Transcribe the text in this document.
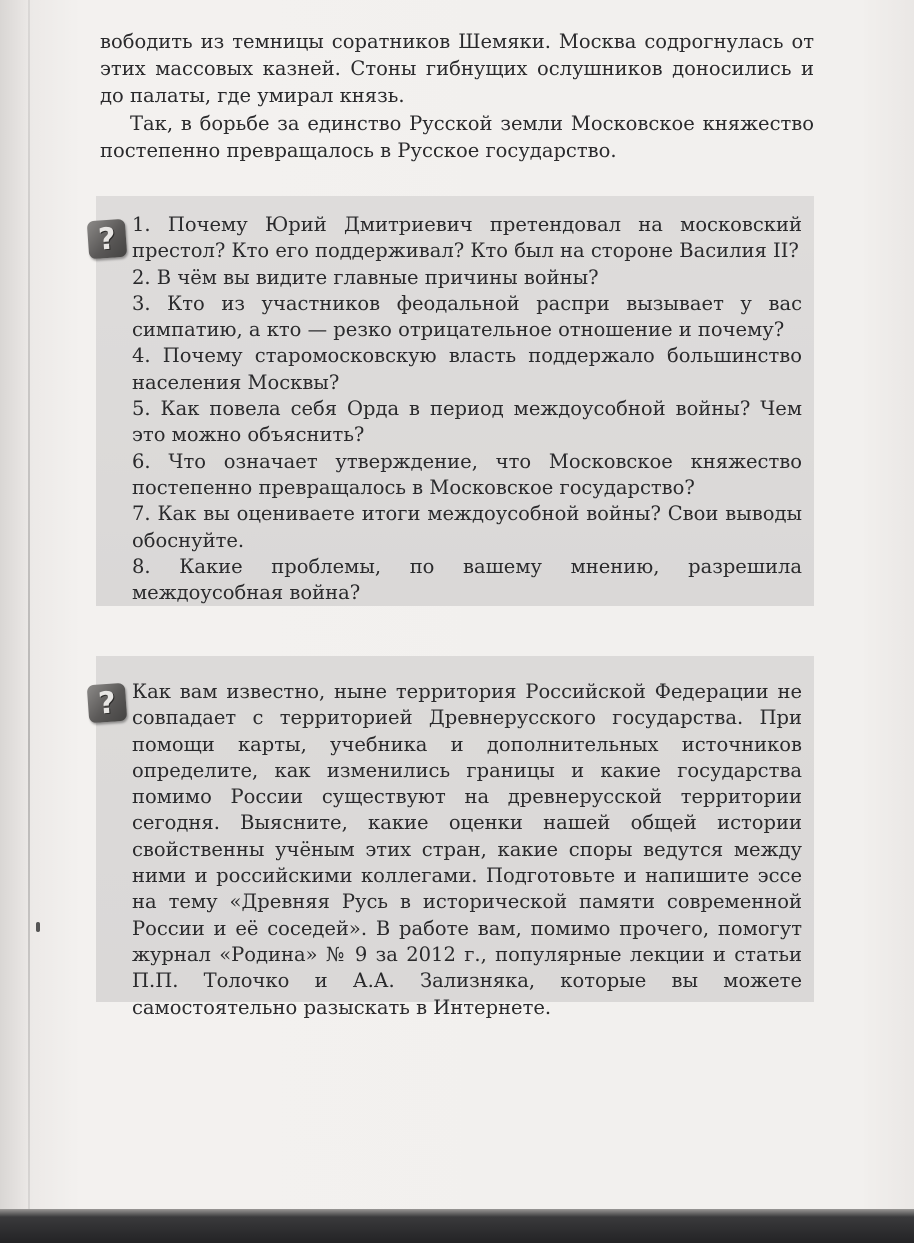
вободить из темницы соратников Шемяки. Москва содрогнулась от этих массовых казней. Стоны гибнущих ослушников доносились и до палаты, где умирал князь.

Так, в борьбе за единство Русской земли Московское княжество постепенно превращалось в Русское государство.

? 1. Почему Юрий Дмитриевич претендовал на московский престол? Кто его поддерживал? Кто был на стороне Василия II?
2. В чём вы видите главные причины войны?
3. Кто из участников феодальной распри вызывает у вас симпатию, а кто — резко отрицательное отношение и почему?
4. Почему старомосковскую власть поддержало большинство населения Москвы?
5. Как повела себя Орда в период междоусобной войны? Чем это можно объяснить?
6. Что означает утверждение, что Московское княжество постепенно превращалось в Московское государство?
7. Как вы оцениваете итоги междоусобной войны? Свои выводы обоснуйте.
8. Какие проблемы, по вашему мнению, разрешила междоусобная война?
? Как вам известно, ныне территория Российской Федерации не совпадает с территорией Древнерусского государства. При помощи карты, учебника и дополнительных источников определите, как изменились границы и какие государства помимо России существуют на древнерусской территории сегодня. Выясните, какие оценки нашей общей истории свойственны учёным этих стран, какие споры ведутся между ними и российскими коллегами. Подготовьте и напишите эссе на тему «Древняя Русь в исторической памяти современной России и её соседей». В работе вам, помимо прочего, помогут журнал «Родина» № 9 за 2012 г., популярные лекции и статьи П.П. Толочко и А.А. Зализняка, которые вы можете самостоятельно разыскать в Интернете.
